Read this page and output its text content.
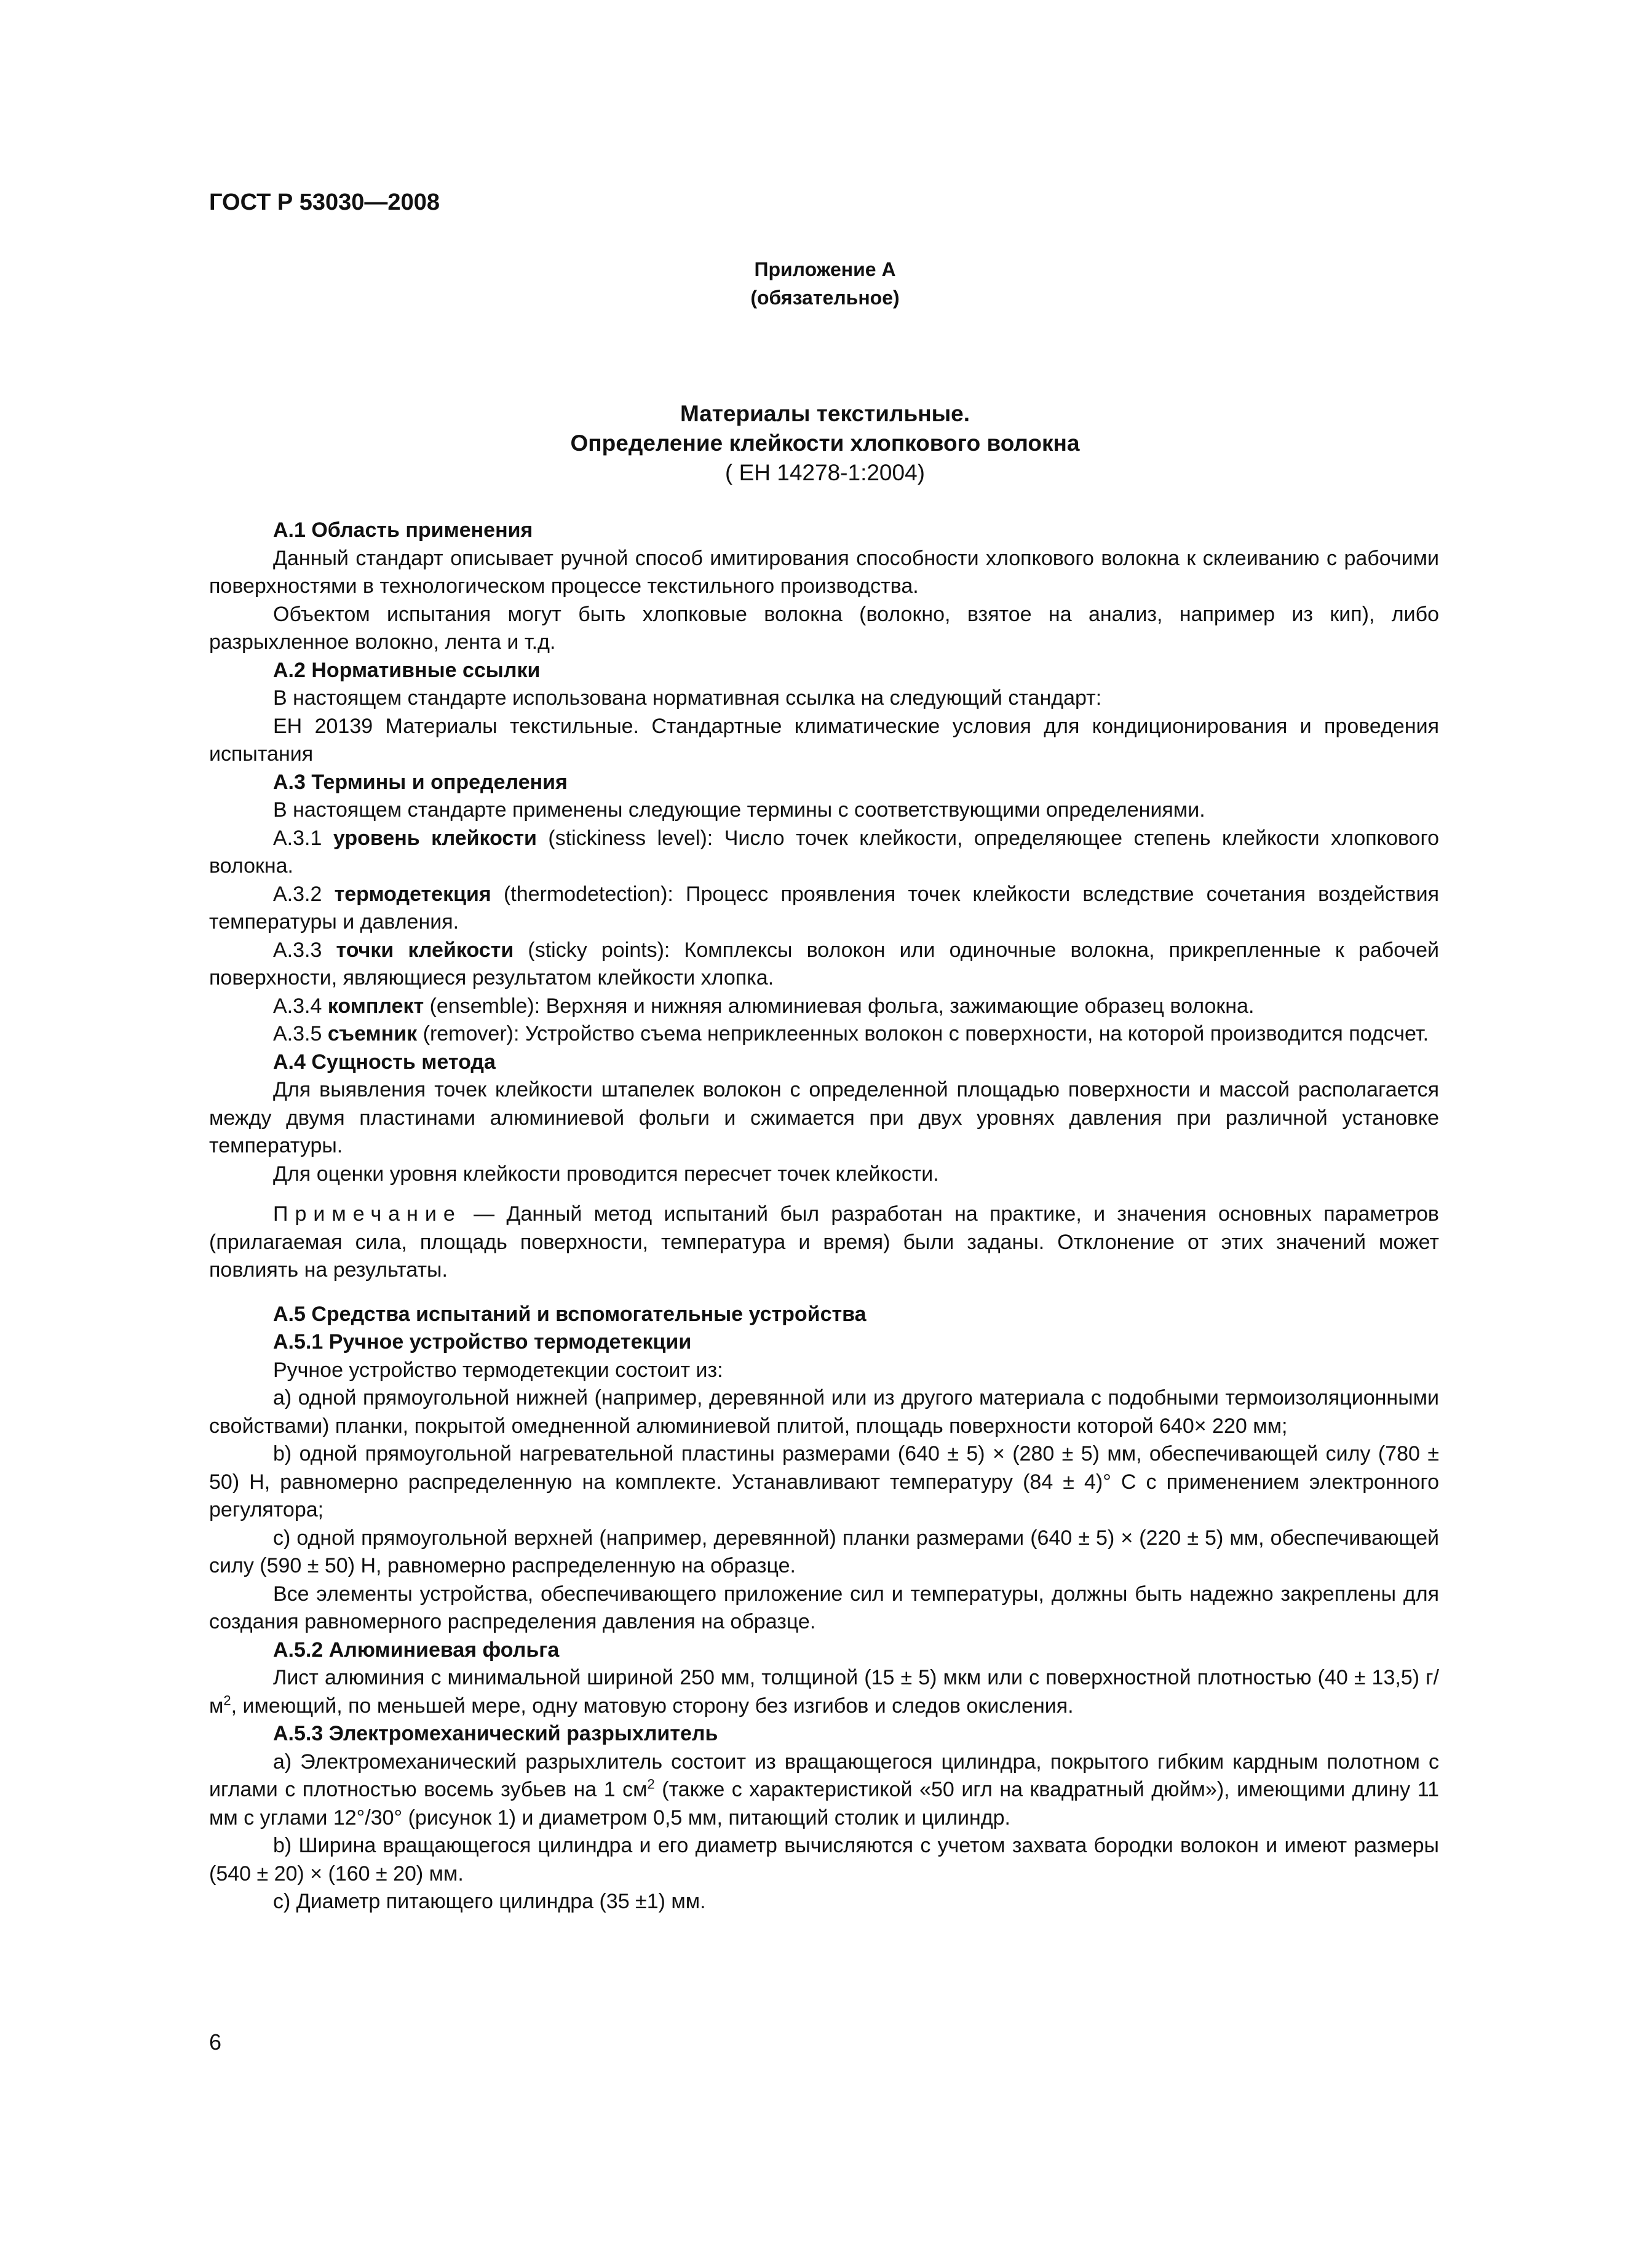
ГОСТ Р 53030—2008
Приложение А
(обязательное)
Материалы текстильные.
Определение клейкости хлопкового волокна
( ЕН 14278-1:2004)

А.1 Область применения

Данный стандарт описывает ручной способ имитирования способности хлопкового волокна к склеиванию с рабочими поверхностями в технологическом процессе текстильного производства.

Объектом испытания могут быть хлопковые волокна (волокно, взятое на анализ, например из кип), либо разрыхленное волокно, лента и т.д.

А.2 Нормативные ссылки

В настоящем стандарте использована нормативная ссылка на следующий стандарт:

ЕН 20139 Материалы текстильные. Стандартные климатические условия для кондиционирования и проведения испытания

А.3 Термины и определения

В настоящем стандарте применены следующие термины с соответствующими определениями.

А.3.1 уровень клейкости (stickiness level): Число точек клейкости, определяющее степень клейкости хлопкового волокна.

А.3.2 термодетекция (thermodetection): Процесс проявления точек клейкости вследствие сочетания воздействия температуры и давления.

А.3.3 точки клейкости (sticky points): Комплексы волокон или одиночные волокна, прикрепленные к рабочей поверхности, являющиеся результатом клейкости хлопка.

А.3.4 комплект (ensemble): Верхняя и нижняя алюминиевая фольга, зажимающие образец волокна.

А.3.5 съемник (remover): Устройство съема неприклеенных волокон с поверхности, на которой производится подсчет.

А.4 Сущность метода

Для выявления точек клейкости штапелек волокон с определенной площадью поверхности и массой располагается между двумя пластинами алюминиевой фольги и сжимается при двух уровнях давления при различной установке температуры.

Для оценки уровня клейкости проводится пересчет точек клейкости.

Примечание — Данный метод испытаний был разработан на практике, и значения основных параметров (прилагаемая сила, площадь поверхности, температура и время) были заданы. Отклонение от этих значений может повлиять на результаты.

А.5 Средства испытаний и вспомогательные устройства

А.5.1 Ручное устройство термодетекции

Ручное устройство термодетекции состоит из:

а) одной прямоугольной нижней (например, деревянной или из другого материала с подобными термоизоляционными свойствами) планки, покрытой омедненной алюминиевой плитой, площадь поверхности которой 640× 220 мм;

b) одной прямоугольной нагревательной пластины размерами (640 ± 5) × (280 ± 5) мм, обеспечивающей силу (780 ± 50) Н, равномерно распределенную на комплекте. Устанавливают температуру (84 ± 4)° С с применением электронного регулятора;

c) одной прямоугольной верхней (например, деревянной) планки размерами (640 ± 5) × (220 ± 5) мм, обеспечивающей силу (590 ± 50) Н, равномерно распределенную на образце.

Все элементы устройства, обеспечивающего приложение сил и температуры, должны быть надежно закреплены для создания равномерного распределения давления на образце.

А.5.2 Алюминиевая фольга

Лист алюминия с минимальной шириной 250 мм, толщиной (15 ± 5) мкм или с поверхностной плотностью (40 ± 13,5) $г/м^2$, имеющий, по меньшей мере, одну матовую сторону без изгибов и следов окисления.

А.5.3 Электромеханический разрыхлитель

а) Электромеханический разрыхлитель состоит из вращающегося цилиндра, покрытого гибким кардным полотном с иглами с плотностью восемь зубьев на 1 $см^2$ (также с характеристикой «50 игл на квадратный дюйм»), имеющими длину 11 мм с углами 12°/30° (рисунок 1) и диаметром 0,5 мм, питающий столик и цилиндр.

b) Ширина вращающегося цилиндра и его диаметр вычисляются с учетом захвата бородки волокон и имеют размеры (540 ± 20) × (160 ± 20) мм.

c) Диаметр питающего цилиндра (35 ±1) мм.

6
